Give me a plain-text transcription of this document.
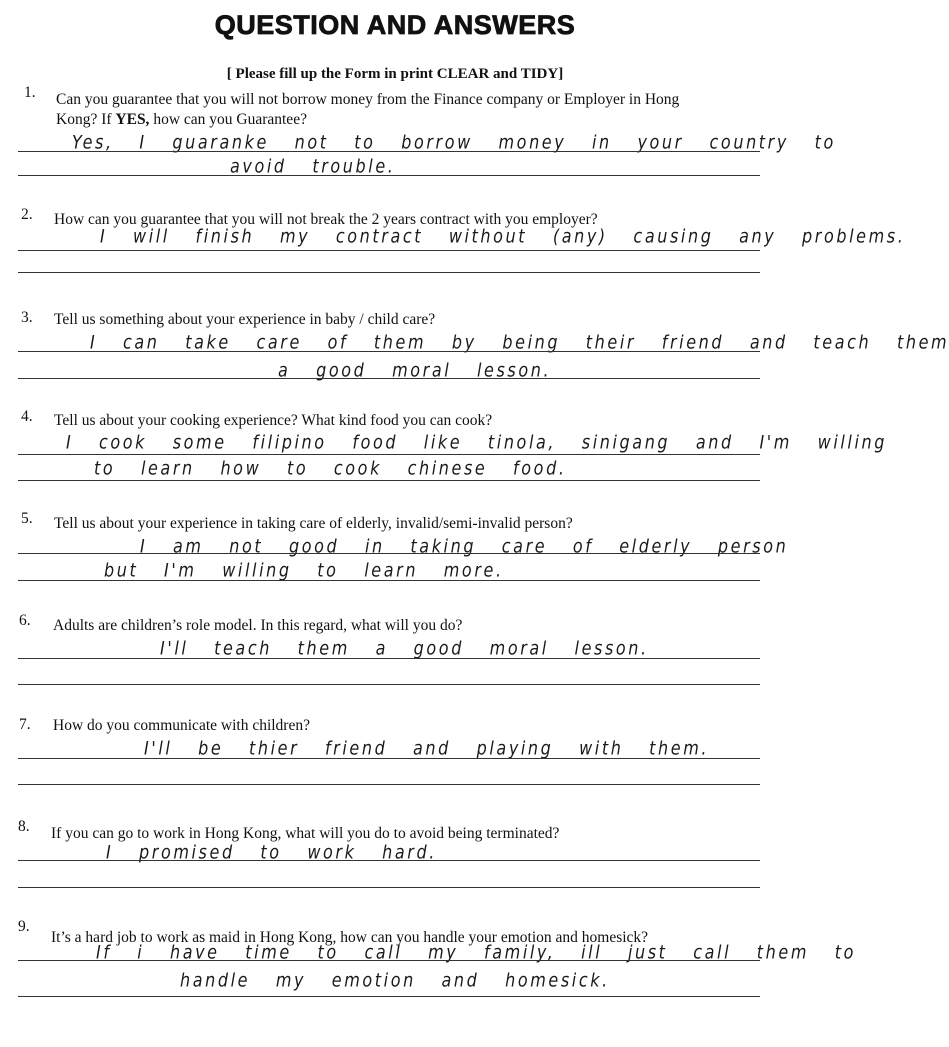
QUESTION AND ANSWERS
[ Please fill up the Form in print CLEAR and TIDY]
1. Can you guarantee that you will not borrow money from the Finance company or Employer in Hong
Kong? If YES, how can you Guarantee?
Yes, I guaranke not to borrow money in your country to
avoid trouble.
2. How can you guarantee that you will not break the 2 years contract with you employer?
I will finish my contract without (any) causing any problems.
3. Tell us something about your experience in baby / child care?
I can take care of them by being their friend and teach them
a good moral lesson.
4. Tell us about your cooking experience? What kind food you can cook?
I cook some filipino food like tinola, sinigang and I'm willing
to learn how to cook chinese food.
5. Tell us about your experience in taking care of elderly, invalid/semi-invalid person?
I am not good in taking care of elderly person
but I'm willing to learn more.
6. Adults are children’s role model. In this regard, what will you do?
I'll teach them a good moral lesson.
7. How do you communicate with children?
I'll be thier friend and playing with them.
8. If you can go to work in Hong Kong, what will you do to avoid being terminated?
I promised to work hard.
9.
It’s a hard job to work as maid in Hong Kong, how can you handle your emotion and homesick?
If i have time to call my family, ill just call them to
handle my emotion and homesick.
